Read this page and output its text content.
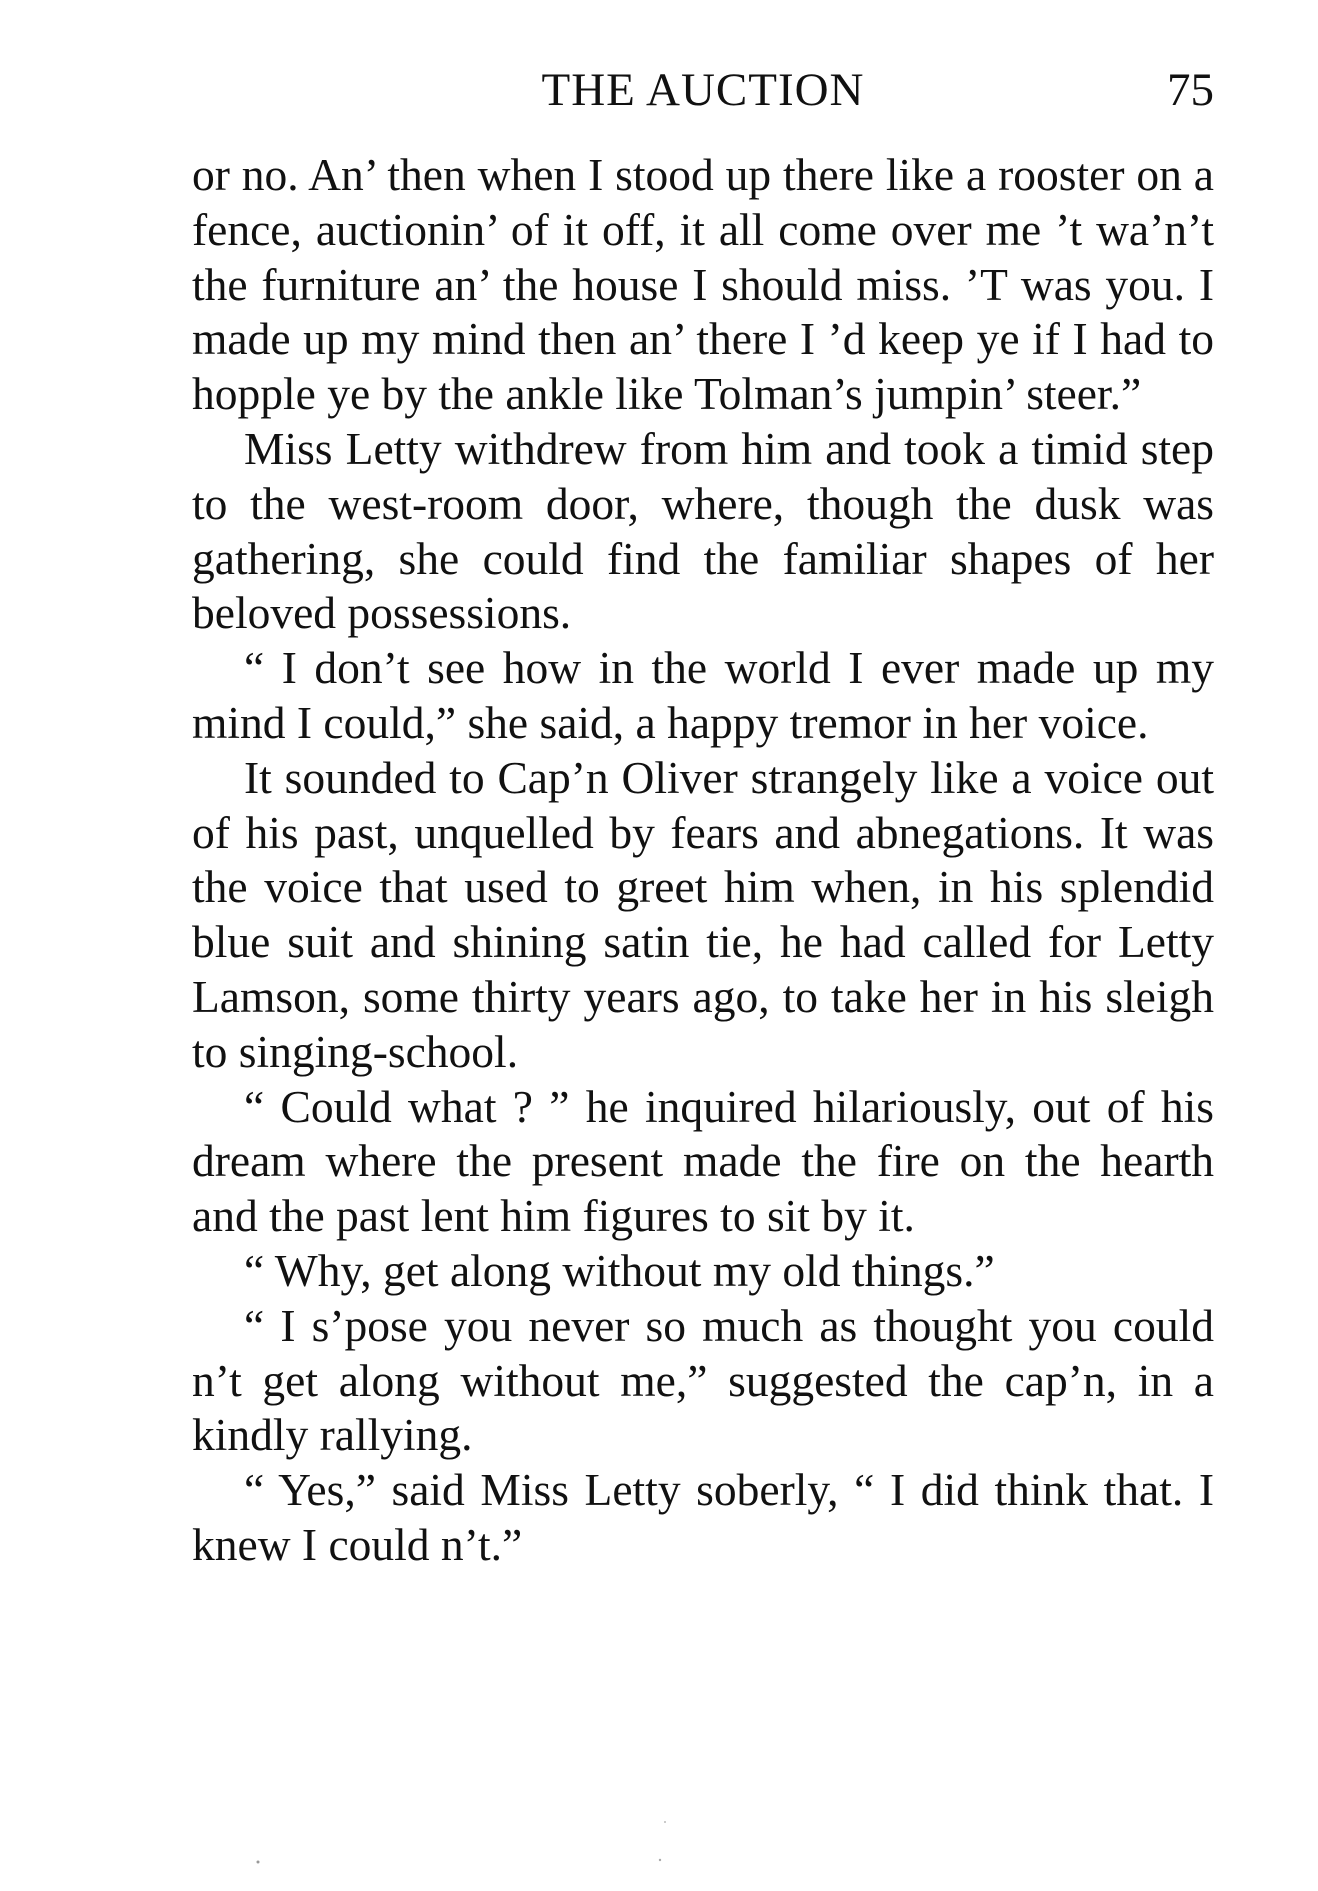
THE AUCTION	75

or no. An’ then when I stood up there like a rooster on a fence, auctionin’ of it off, it all come over me ’t wa’n’t the furniture an’ the house I should miss. ’T was you. I made up my mind then an’ there I ’d keep ye if I had to hopple ye by the ankle like Tolman’s jumpin’ steer.”

Miss Letty withdrew from him and took a timid step to the west-room door, where, though the dusk was gathering, she could find the familiar shapes of her beloved possessions.

“ I don’t see how in the world I ever made up my mind I could,” she said, a happy tremor in her voice.

It sounded to Cap’n Oliver strangely like a voice out of his past, unquelled by fears and abnegations. It was the voice that used to greet him when, in his splendid blue suit and shining satin tie, he had called for Letty Lamson, some thirty years ago, to take her in his sleigh to singing-school.

“ Could what ? ” he inquired hilariously, out of his dream where the present made the fire on the hearth and the past lent him figures to sit by it.

“ Why, get along without my old things.”

“ I s’pose you never so much as thought you could n’t get along without me,” suggested the cap’n, in a kindly rallying.

“ Yes,” said Miss Letty soberly, “ I did think that. I knew I could n’t.”
